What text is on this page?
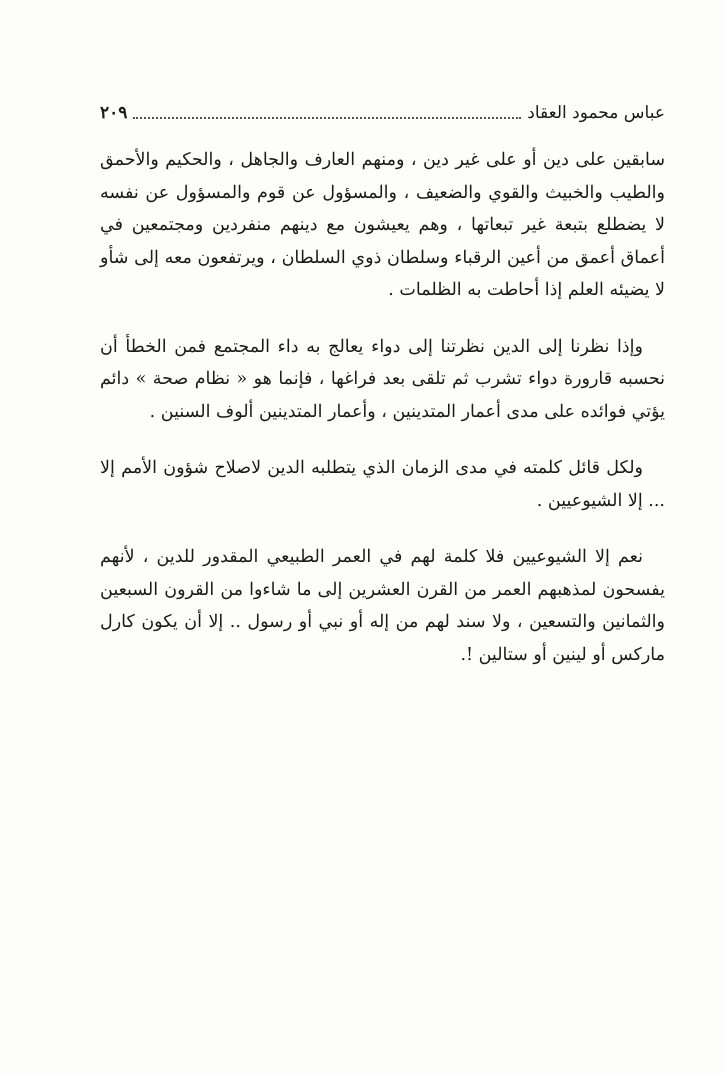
عباس محمود العقاد
٢٠٩

سابقين على دين أو على غير دين ، ومنهم العارف والجاهل ، والحكيم والأحمق والطيب والخبيث والقوي والضعيف ، والمسؤول عن قوم والمسؤول عن نفسه لا يضطلع بتبعة غير تبعاتها ، وهم يعيشون مع دينهم منفردين ومجتمعين في أعماق أعمق من أعين الرقباء وسلطان ذوي السلطان ، ويرتفعون معه إلى شأو لا يضيئه العلم إذا أحاطت به الظلمات .

وإذا نظرنا إلى الدين نظرتنا إلى دواء يعالج به داء المجتمع فمن الخطأ أن نحسبه قارورة دواء تشرب ثم تلقى بعد فراغها ، فإنما هو « نظام صحة » دائم يؤتي فوائده على مدى أعمار المتدينين ، وأعمار المتدينين ألوف السنين .

ولكل قائل كلمته في مدى الزمان الذي يتطلبه الدين لاصلاح شؤون الأمم إلا ... إلا الشيوعيين .

نعم إلا الشيوعيين فلا كلمة لهم في العمر الطبيعي المقدور للدين ، لأنهم يفسحون لمذهبهم العمر من القرن العشرين إلى ما شاءوا من القرون السبعين والثمانين والتسعين ، ولا سند لهم من إله أو نبي أو رسول .. إلا أن يكون كارل ماركس أو لينين أو ستالين !.
